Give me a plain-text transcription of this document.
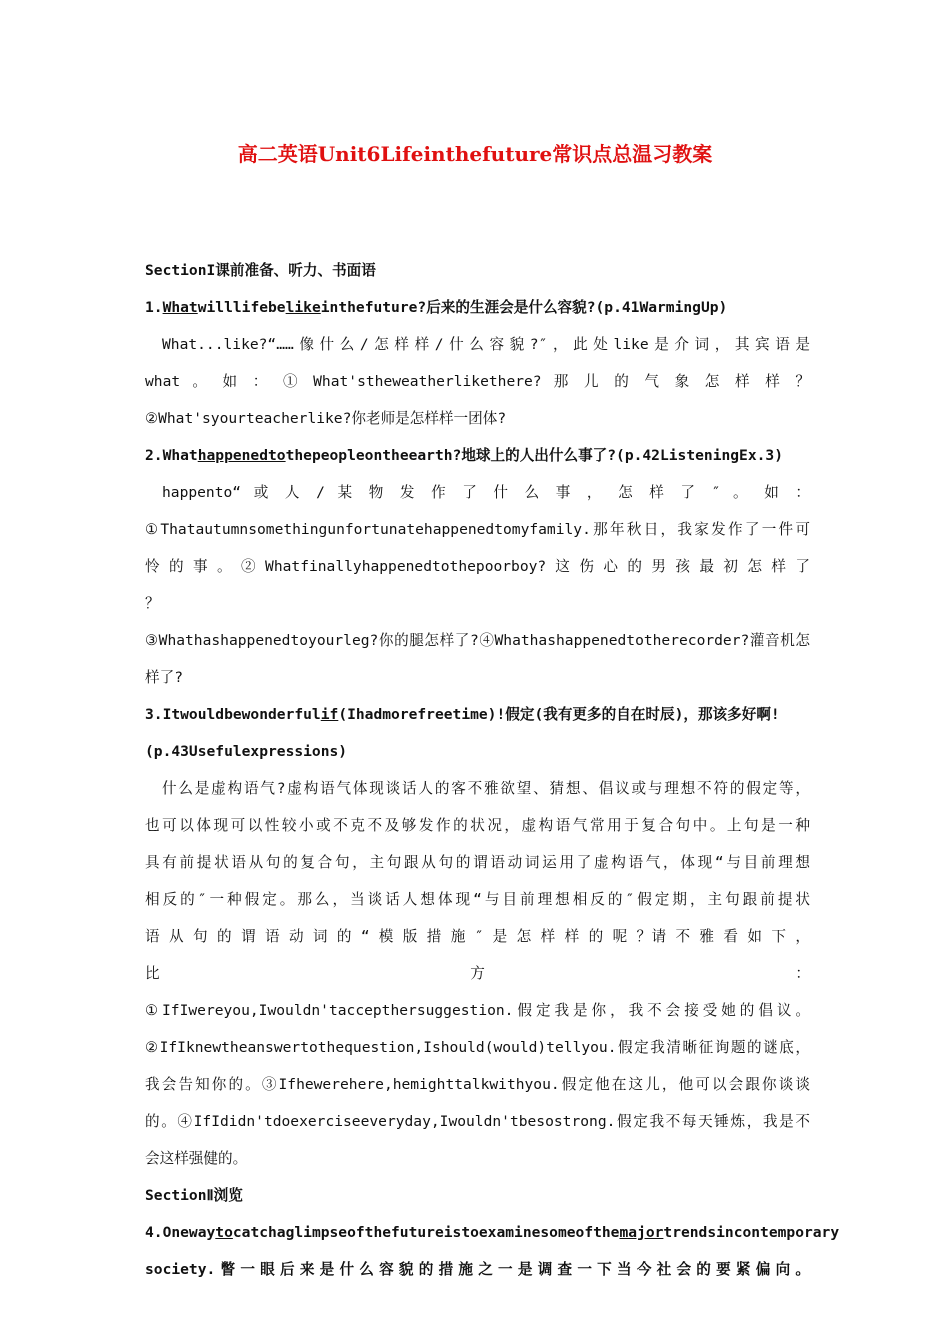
高二英语Unit6Lifeinthefuture常识点总温习教案

SectionI课前准备、听力、书面语

1.Whatwilllifebelikeinthefuture?后来的生涯会是什么容貌?(p.41WarmingUp)

What...like?“……像什么/怎样样/什么容貌?″，此处like是介词，其宾语是

what 。 如 ： ① What'stheweatherlikethere? 那 儿 的 气 象 怎 样 样 ？

②What'syourteacherlike?你老师是怎样样一团体?

2.Whathappenedtothepeopleontheearth?地球上的人出什么事了?(p.42ListeningEx.3)

happento“ 或 人 / 某 物 发 作 了 什 么 事 ， 怎 样 了 ″ 。 如 ：

①Thatautumnsomethingunfortunatehappenedtomyfamily.那年秋日，我家发作了一件可

怜 的 事 。 ② Whatfinallyhappenedtothepoorboy? 这 伤 心 的 男 孩 最 初 怎 样 了 ？

③Whathashappenedtoyourleg?你的腿怎样了?④Whathashappenedtotherecorder?灌音机怎

样了?

3.Itwouldbewonderfulif(Ihadmorefreetime)!假定(我有更多的自在时辰)，那该多好啊!

(p.43Usefulexpressions)

什么是虚构语气?虚构语气体现谈话人的客不雅欲望、猜想、倡议或与理想不符的假定等，

也可以体现可以性较小或不克不及够发作的状况，虚构语气常用于复合句中。上句是一种

具有前提状语从句的复合句，主句跟从句的谓语动词运用了虚构语气，体现“与目前理想

相反的″一种假定。那么，当谈话人想体现“与目前理想相反的″假定期，主句跟前提状

语 从 句 的 谓 语 动 词 的 “ 模 版 措 施 ″ 是 怎 样 样 的 呢 ？请 不 雅 看 如 下 ， 比 方 ：

①IfIwereyou,Iwouldn'taccepthersuggestion.假定我是你，我不会接受她的倡议。

②IfIknewtheanswertothequestion,Ishould(would)tellyou.假定我清晰征询题的谜底，

我会告知你的。③Ifhewerehere,hemighttalkwithyou.假定他在这儿，他可以会跟你谈谈

的。④IfIdidn'tdoexerciseeveryday,Iwouldn'tbesostrong.假定我不每天锤炼，我是不

会这样强健的。

SectionⅡ浏览

4.Onewaytocatchaglimpseofthefutureistoexaminesomeofthemajortrendsincontemporary

society.瞥一眼后来是什么容貌的措施之一是调查一下当今社会的要紧偏向。
